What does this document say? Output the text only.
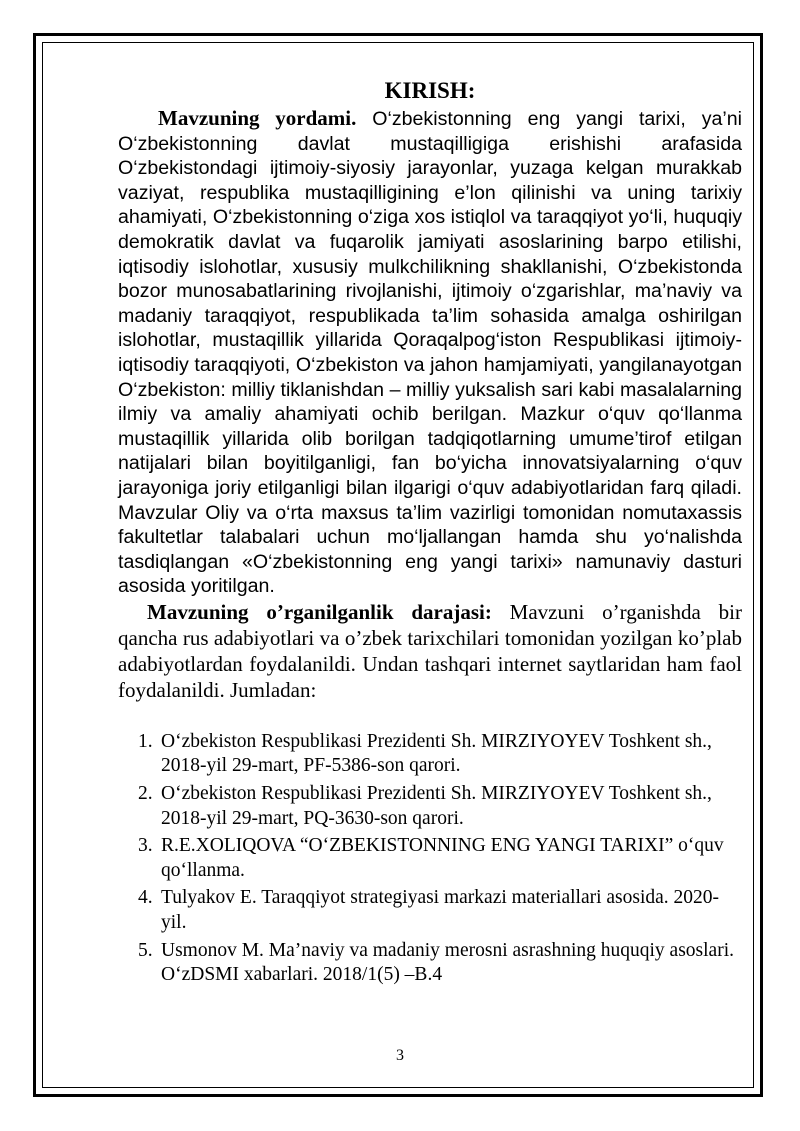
KIRISH:

Mavzuning yordami. O‘zbekistonning eng yangi tarixi, ya’ni O‘zbekistonning davlat mustaqilligiga erishishi arafasida O‘zbekistondagi ijtimoiy-siyosiy jarayonlar, yuzaga kelgan murakkab vaziyat, respublika mustaqilligining e’lon qilinishi va uning tarixiy ahamiyati, O‘zbekistonning o‘ziga xos istiqlol va taraqqiyot yo‘li, huquqiy demokratik davlat va fuqarolik jamiyati asoslarining barpo etilishi, iqtisodiy islohotlar, xususiy mulkchilikning shakllanishi, O‘zbekistonda bozor munosabatlarining rivojlanishi, ijtimoiy o‘zgarishlar, ma’naviy va madaniy taraqqiyot, respublikada ta’lim sohasida amalga oshirilgan islohotlar, mustaqillik yillarida Qoraqalpog‘iston Respublikasi ijtimoiy-iqtisodiy taraqqiyoti, O‘zbekiston va jahon hamjamiyati, yangilanayotgan O‘zbekiston: milliy tiklanishdan – milliy yuksalish sari kabi masalalarning ilmiy va amaliy ahamiyati ochib berilgan. Mazkur o‘quv qo‘llanma mustaqillik yillarida olib borilgan tadqiqotlarning umume’tirof etilgan natijalari bilan boyitilganligi, fan bo‘yicha innovatsiyalarning o‘quv jarayoniga joriy etilganligi bilan ilgarigi o‘quv adabiyotlaridan farq qiladi. Mavzular Oliy va o‘rta maxsus ta’lim vazirligi tomonidan nomutaxassis fakultetlar talabalari uchun mo‘ljallangan hamda shu yo‘nalishda tasdiqlangan «O‘zbekistonning eng yangi tarixi» namunaviy dasturi asosida yoritilgan.

Mavzuning o’rganilganlik darajasi: Mavzuni o’rganishda bir qancha rus adabiyotlari va o’zbek tarixchilari tomonidan yozilgan ko’plab adabiyotlardan foydalanildi. Undan tashqari internet saytlaridan ham faol foydalanildi. Jumladan:

1. O‘zbekiston Respublikasi Prezidenti Sh. MIRZIYOYEV Toshkent sh., 2018-yil 29-mart, PF-5386-son qarori.
2. O‘zbekiston Respublikasi Prezidenti Sh. MIRZIYOYEV Toshkent sh., 2018-yil 29-mart, PQ-3630-son qarori.
3. R.E.XOLIQOVA “O‘ZBEKISTONNING ENG YANGI TARIXI” o‘quv qo‘llanma.
4. Tulyakov E. Taraqqiyot strategiyasi markazi materiallari asosida. 2020-yil.
5. Usmonov M. Ma’naviy va madaniy merosni asrashning huquqiy asoslari. O‘zDSMI xabarlari. 2018/1(5) –B.4
3
